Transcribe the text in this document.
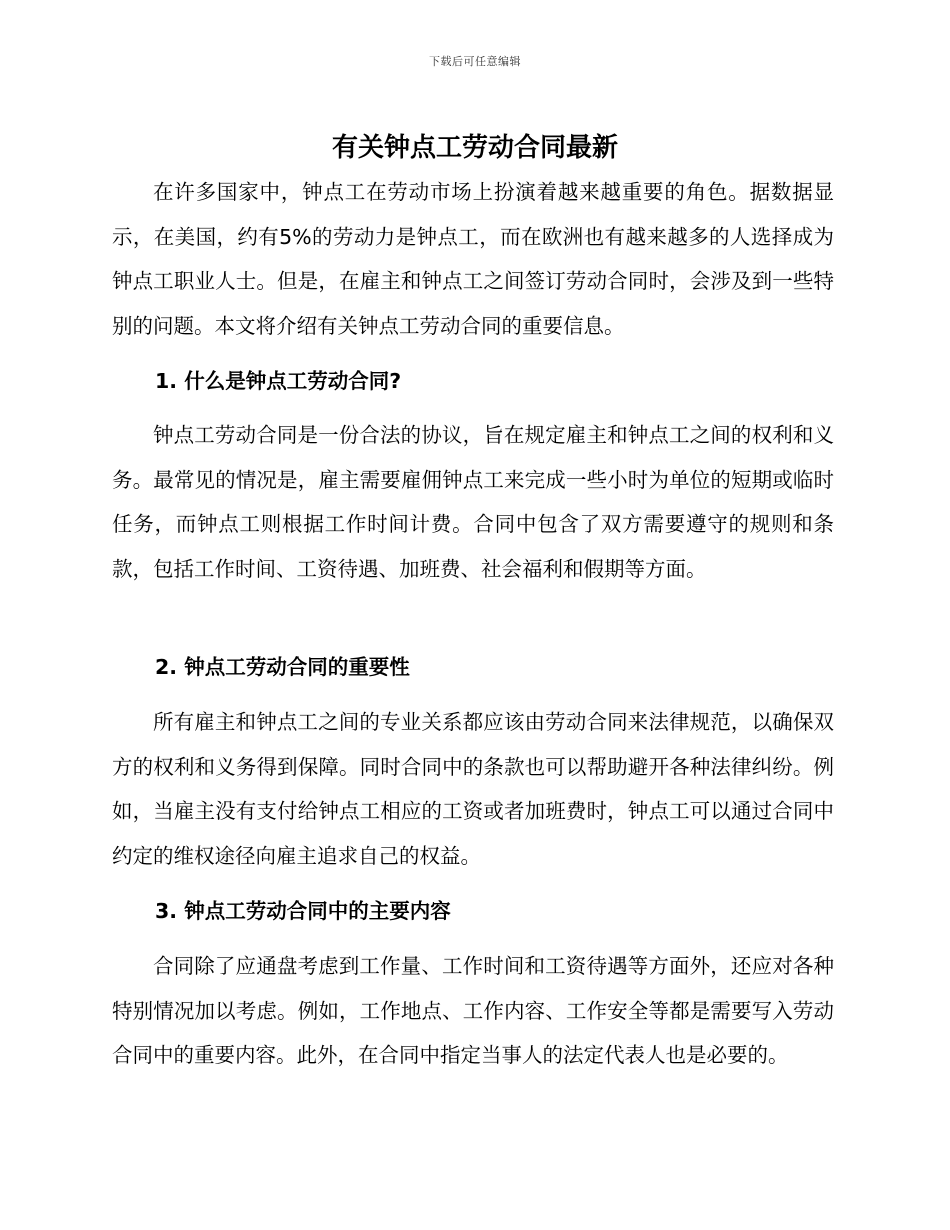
下载后可任意编辑
有关钟点工劳动合同最新

在许多国家中，钟点工在劳动市场上扮演着越来越重要的角色。据数据显示，在美国，约有5%的劳动力是钟点工，而在欧洲也有越来越多的人选择成为钟点工职业人士。但是，在雇主和钟点工之间签订劳动合同时，会涉及到一些特别的问题。本文将介绍有关钟点工劳动合同的重要信息。

1. 什么是钟点工劳动合同?

钟点工劳动合同是一份合法的协议，旨在规定雇主和钟点工之间的权利和义务。最常见的情况是，雇主需要雇佣钟点工来完成一些小时为单位的短期或临时任务，而钟点工则根据工作时间计费。合同中包含了双方需要遵守的规则和条款，包括工作时间、工资待遇、加班费、社会福利和假期等方面。

2. 钟点工劳动合同的重要性

所有雇主和钟点工之间的专业关系都应该由劳动合同来法律规范，以确保双方的权利和义务得到保障。同时合同中的条款也可以帮助避开各种法律纠纷。例如，当雇主没有支付给钟点工相应的工资或者加班费时，钟点工可以通过合同中约定的维权途径向雇主追求自己的权益。

3. 钟点工劳动合同中的主要内容

合同除了应通盘考虑到工作量、工作时间和工资待遇等方面外，还应对各种特别情况加以考虑。例如，工作地点、工作内容、工作安全等都是需要写入劳动合同中的重要内容。此外，在合同中指定当事人的法定代表人也是必要的。
